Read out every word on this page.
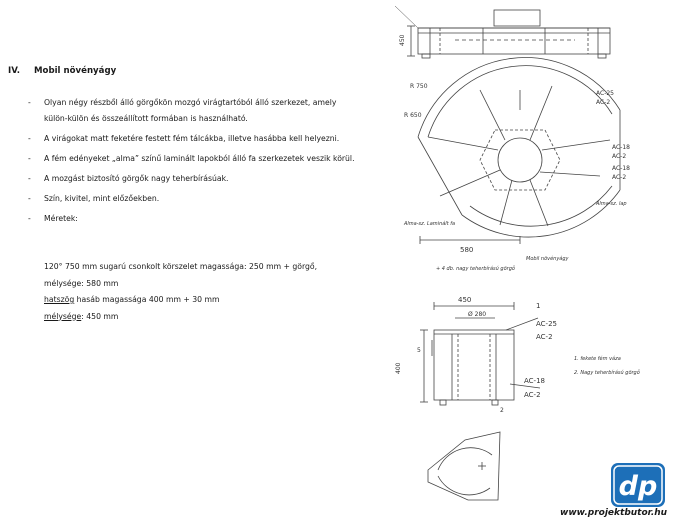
IV. Mobil növényágy
- Olyan négy részből álló görgőkön mozgó virágtartóból álló szerkezet, amely külön-külön és összeállított formában is használható.
- A virágokat matt feketére festett fém tálcákba, illetve hasábba kell helyezni.
- A fém edényeket „alma” színű laminált lapokból álló fa szerkezetek veszik körül.
- A mozgást biztosító görgők nagy teherbírásúak.
- Szín, kivitel, mint előzőekben.
- Méretek:
120° 750 mm sugarú csonkolt körszelet magassága: 250 mm + görgő,
mélysége: 580 mm
hatszög hasáb magassága 400 mm + 30 mm
mélysége: 450 mm
450
R 750
R 650
AC-25
AC-2
AC-18
AC-2
AC-18
AC-2
Alma-sz. Laminált fa
Alma-sz. lap
580
Mobil növényágy
+ 4 db. nagy teherbírású görgő
450
Ø 280
5
400
1
AC-25
AC-2
AC-18
AC-2
2
1. fekete fém váza
2. Nagy teherbírású görgő
dp
www.projektbutor.hu
